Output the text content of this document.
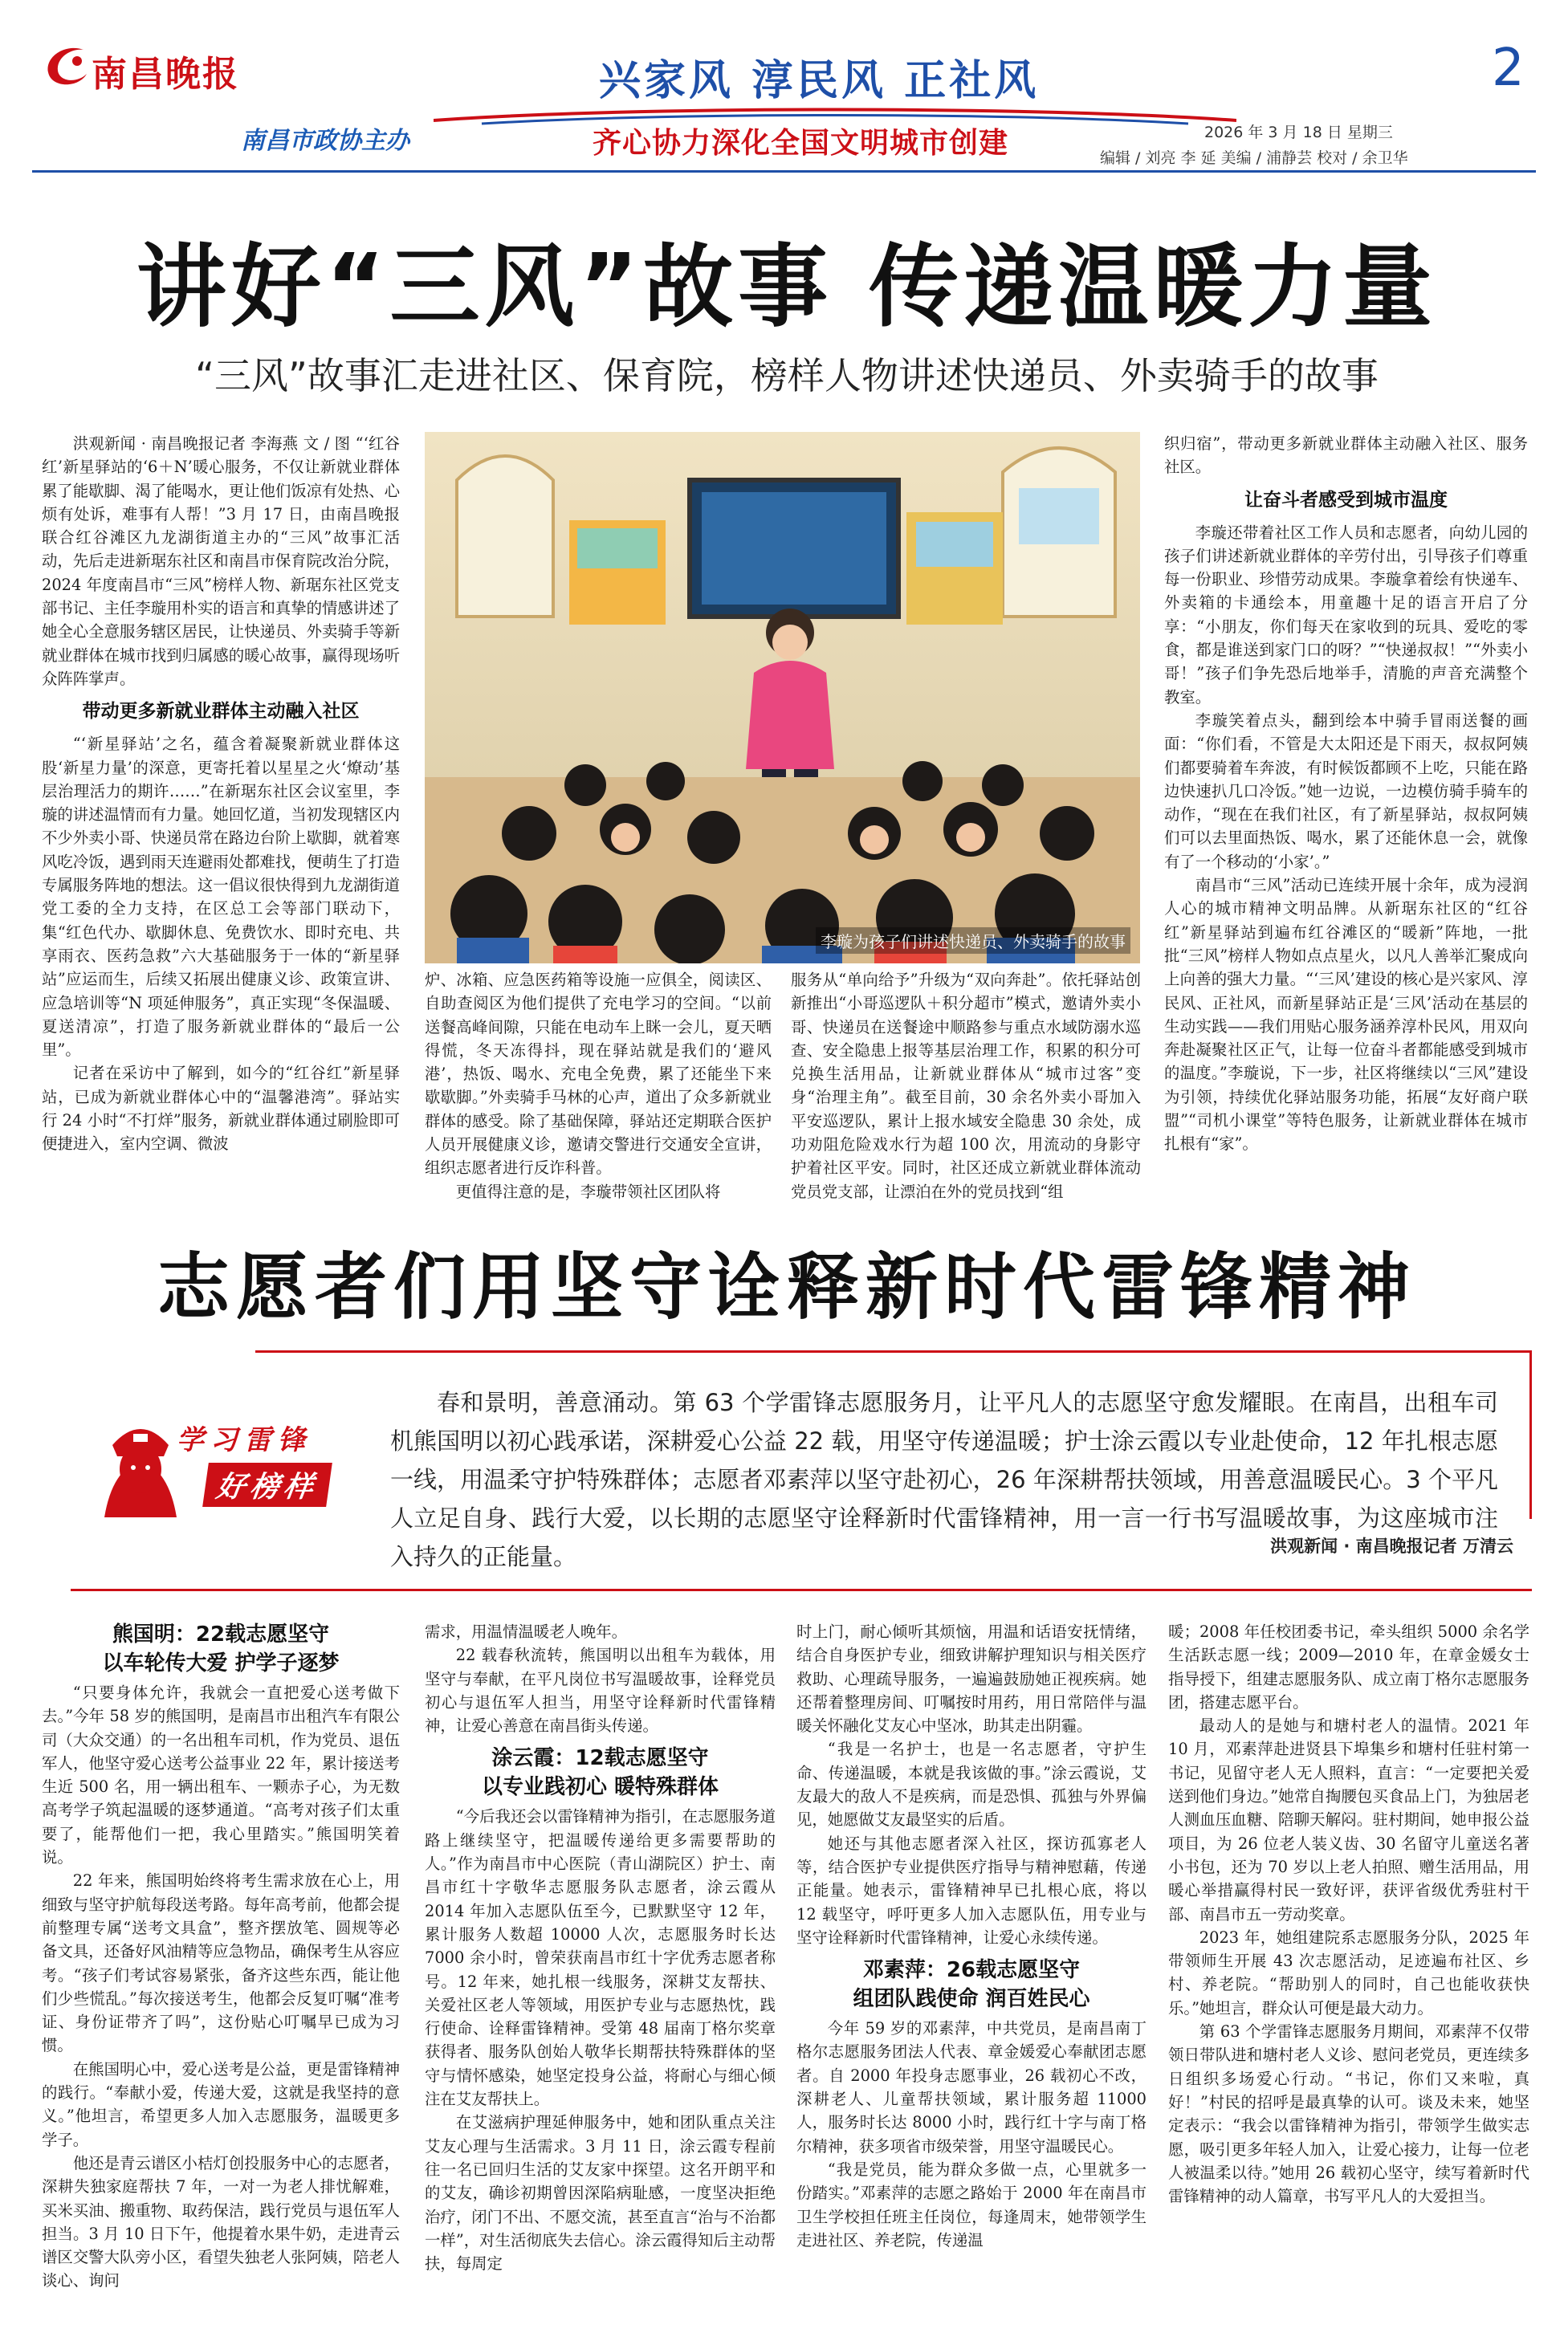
南昌晚报
南昌市政协主办
兴家风 淳民风 正社风
齐心协力深化全国文明城市创建
2
2026 年 3 月 18 日 星期三
编辑 / 刘亮 李 延 美编 / 浦静芸 校对 / 余卫华
讲好“三风”故事 传递温暖力量
“三风”故事汇走进社区、保育院，榜样人物讲述快递员、外卖骑手的故事

洪观新闻 · 南昌晚报记者 李海燕 文 / 图 “‘红谷红’新星驿站的‘6＋N’暖心服务，不仅让新就业群体累了能歇脚、渴了能喝水，更让他们饭凉有处热、心烦有处诉，难事有人帮！”3 月 17 日，由南昌晚报联合红谷滩区九龙湖街道主办的“三风”故事汇活动，先后走进新琚东社区和南昌市保育院改治分院，2024 年度南昌市“三风”榜样人物、新琚东社区党支部书记、主任李璇用朴实的语言和真挚的情感讲述了她全心全意服务辖区居民，让快递员、外卖骑手等新就业群体在城市找到归属感的暖心故事，赢得现场听众阵阵掌声。

带动更多新就业群体主动融入社区

“‘新星驿站’之名，蕴含着凝聚新就业群体这股‘新星力量’的深意，更寄托着以星星之火‘燎动’基层治理活力的期许……”在新琚东社区会议室里，李璇的讲述温情而有力量。她回忆道，当初发现辖区内不少外卖小哥、快递员常在路边台阶上歇脚，就着寒风吃冷饭，遇到雨天连避雨处都难找，便萌生了打造专属服务阵地的想法。这一倡议很快得到九龙湖街道党工委的全力支持，在区总工会等部门联动下，集“红色代办、歇脚休息、免费饮水、即时充电、共享雨衣、医药急救”六大基础服务于一体的“新星驿站”应运而生，后续又拓展出健康义诊、政策宣讲、应急培训等“N 项延伸服务”，真正实现“冬保温暖、夏送清凉”，打造了服务新就业群体的“最后一公里”。

记者在采访中了解到，如今的“红谷红”新星驿站，已成为新就业群体心中的“温馨港湾”。驿站实行 24 小时“不打烊”服务，新就业群体通过刷脸即可便捷进入，室内空调、微波

李璇为孩子们讲述快递员、外卖骑手的故事

炉、冰箱、应急医药箱等设施一应俱全，阅读区、自助查阅区为他们提供了充电学习的空间。“以前送餐高峰间隙，只能在电动车上眯一会儿，夏天晒得慌，冬天冻得抖，现在驿站就是我们的‘避风港’，热饭、喝水、充电全免费，累了还能坐下来歇歇脚。”外卖骑手马林的心声，道出了众多新就业群体的感受。除了基础保障，驿站还定期联合医护人员开展健康义诊，邀请交警进行交通安全宣讲，组织志愿者进行反诈科普。

更值得注意的是，李璇带领社区团队将

服务从“单向给予”升级为“双向奔赴”。依托驿站创新推出“小哥巡逻队＋积分超市”模式，邀请外卖小哥、快递员在送餐途中顺路参与重点水域防溺水巡查、安全隐患上报等基层治理工作，积累的积分可兑换生活用品，让新就业群体从“城市过客”变身“治理主角”。截至目前，30 余名外卖小哥加入平安巡逻队，累计上报水域安全隐患 30 余处，成功劝阻危险戏水行为超 100 次，用流动的身影守护着社区平安。同时，社区还成立新就业群体流动党员党支部，让漂泊在外的党员找到“组

织归宿”，带动更多新就业群体主动融入社区、服务社区。

让奋斗者感受到城市温度

李璇还带着社区工作人员和志愿者，向幼儿园的孩子们讲述新就业群体的辛劳付出，引导孩子们尊重每一份职业、珍惜劳动成果。李璇拿着绘有快递车、外卖箱的卡通绘本，用童趣十足的语言开启了分享：“小朋友，你们每天在家收到的玩具、爱吃的零食，都是谁送到家门口的呀？”“快递叔叔！”“外卖小哥！”孩子们争先恐后地举手，清脆的声音充满整个教室。

李璇笑着点头，翻到绘本中骑手冒雨送餐的画面：“你们看，不管是大太阳还是下雨天，叔叔阿姨们都要骑着车奔波，有时候饭都顾不上吃，只能在路边快速扒几口冷饭。”她一边说，一边模仿骑手骑车的动作，“现在在我们社区，有了新星驿站，叔叔阿姨们可以去里面热饭、喝水，累了还能休息一会，就像有了一个移动的‘小家’。”

南昌市“三风”活动已连续开展十余年，成为浸润人心的城市精神文明品牌。从新琚东社区的“红谷红”新星驿站到遍布红谷滩区的“暖新”阵地，一批批“三风”榜样人物如点点星火，以凡人善举汇聚成向上向善的强大力量。“‘三风’建设的核心是兴家风、淳民风、正社风，而新星驿站正是‘三风’活动在基层的生动实践——我们用贴心服务涵养淳朴民风，用双向奔赴凝聚社区正气，让每一位奋斗者都能感受到城市的温度。”李璇说，下一步，社区将继续以“三风”建设为引领，持续优化驿站服务功能，拓展“友好商户联盟”“司机小课堂”等特色服务，让新就业群体在城市扎根有“家”。

志愿者们用坚守诠释新时代雷锋精神
学习雷锋
好榜样
春和景明，善意涌动。第 63 个学雷锋志愿服务月，让平凡人的志愿坚守愈发耀眼。在南昌，出租车司机熊国明以初心践承诺，深耕爱心公益 22 载，用坚守传递温暖；护士涂云霞以专业赴使命，12 年扎根志愿一线，用温柔守护特殊群体；志愿者邓素萍以坚守赴初心，26 年深耕帮扶领域，用善意温暖民心。3 个平凡人立足自身、践行大爱，以长期的志愿坚守诠释新时代雷锋精神，用一言一行书写温暖故事，为这座城市注入持久的正能量。	洪观新闻 · 南昌晚报记者 万清云
熊国明：22载志愿坚守
以车轮传大爱 护学子逐梦

“只要身体允许，我就会一直把爱心送考做下去。”今年 58 岁的熊国明，是南昌市出租汽车有限公司（大众交通）的一名出租车司机，作为党员、退伍军人，他坚守爱心送考公益事业 22 年，累计接送考生近 500 名，用一辆出租车、一颗赤子心，为无数高考学子筑起温暖的逐梦通道。“高考对孩子们太重要了，能帮他们一把，我心里踏实。”熊国明笑着说。

22 年来，熊国明始终将考生需求放在心上，用细致与坚守护航每段送考路。每年高考前，他都会提前整理专属“送考文具盒”，整齐摆放笔、圆规等必备文具，还备好风油精等应急物品，确保考生从容应考。“孩子们考试容易紧张，备齐这些东西，能让他们少些慌乱。”每次接送考生，他都会反复叮嘱“准考证、身份证带齐了吗”，这份贴心叮嘱早已成为习惯。

在熊国明心中，爱心送考是公益，更是雷锋精神的践行。“奉献小爱，传递大爱，这就是我坚持的意义。”他坦言，希望更多人加入志愿服务，温暖更多学子。

他还是青云谱区小桔灯创投服务中心的志愿者，深耕失独家庭帮扶 7 年，一对一为老人排忧解难，买米买油、搬重物、取药保洁，践行党员与退伍军人担当。3 月 10 日下午，他提着水果牛奶，走进青云谱区交警大队旁小区，看望失独老人张阿姨，陪老人谈心、询问

需求，用温情温暖老人晚年。

22 载春秋流转，熊国明以出租车为载体，用坚守与奉献，在平凡岗位书写温暖故事，诠释党员初心与退伍军人担当，用坚守诠释新时代雷锋精神，让爱心善意在南昌街头传递。

涂云霞：12载志愿坚守
以专业践初心 暖特殊群体

“今后我还会以雷锋精神为指引，在志愿服务道路上继续坚守，把温暖传递给更多需要帮助的人。”作为南昌市中心医院（青山湖院区）护士、南昌市红十字敬华志愿服务队志愿者，涂云霞从 2014 年加入志愿队伍至今，已默默坚守 12 年，累计服务人数超 10000 人次，志愿服务时长达 7000 余小时，曾荣获南昌市红十字优秀志愿者称号。12 年来，她扎根一线服务，深耕艾友帮扶、关爱社区老人等领域，用医护专业与志愿热忱，践行使命、诠释雷锋精神。受第 48 届南丁格尔奖章获得者、服务队创始人敬华长期帮扶特殊群体的坚守与情怀感染，她坚定投身公益，将耐心与细心倾注在艾友帮扶上。

在艾滋病护理延伸服务中，她和团队重点关注艾友心理与生活需求。3 月 11 日，涂云霞专程前往一名已回归生活的艾友家中探望。这名开朗平和的艾友，确诊初期曾因深陷病耻感，一度坚决拒绝治疗，闭门不出、不愿交流，甚至直言“治与不治都一样”，对生活彻底失去信心。涂云霞得知后主动帮扶，每周定

时上门，耐心倾听其烦恼，用温和话语安抚情绪，结合自身医护专业，细致讲解护理知识与相关医疗救助、心理疏导服务，一遍遍鼓励她正视疾病。她还帮着整理房间、叮嘱按时用药，用日常陪伴与温暖关怀融化艾友心中坚冰，助其走出阴霾。

“我是一名护士，也是一名志愿者，守护生命、传递温暖，本就是我该做的事。”涂云霞说，艾友最大的敌人不是疾病，而是恐惧、孤独与外界偏见，她愿做艾友最坚实的后盾。

她还与其他志愿者深入社区，探访孤寡老人等，结合医护专业提供医疗指导与精神慰藉，传递正能量。她表示，雷锋精神早已扎根心底，将以 12 载坚守，呼吁更多人加入志愿队伍，用专业与坚守诠释新时代雷锋精神，让爱心永续传递。

邓素萍：26载志愿坚守
组团队践使命 润百姓民心

今年 59 岁的邓素萍，中共党员，是南昌南丁格尔志愿服务团法人代表、章金媛爱心奉献团志愿者。自 2000 年投身志愿事业，26 载初心不改，深耕老人、儿童帮扶领域，累计服务超 11000 人，服务时长达 8000 小时，践行红十字与南丁格尔精神，获多项省市级荣誉，用坚守温暖民心。

“我是党员，能为群众多做一点，心里就多一份踏实。”邓素萍的志愿之路始于 2000 年在南昌市卫生学校担任班主任岗位，每逢周末，她带领学生走进社区、养老院，传递温

暖；2008 年任校团委书记，牵头组织 5000 余名学生活跃志愿一线；2009—2010 年，在章金媛女士指导授下，组建志愿服务队、成立南丁格尔志愿服务团，搭建志愿平台。

最动人的是她与和塘村老人的温情。2021 年 10 月，邓素萍赴进贤县下埠集乡和塘村任驻村第一书记，见留守老人无人照料，直言：“一定要把关爱送到他们身边。”她常自掏腰包买食品上门，为独居老人测血压血糖、陪聊天解闷。驻村期间，她申报公益项目，为 26 位老人装义齿、30 名留守儿童送名著小书包，还为 70 岁以上老人拍照、赠生活用品，用暖心举措赢得村民一致好评，获评省级优秀驻村干部、南昌市五一劳动奖章。

2023 年，她组建院系志愿服务分队，2025 年带领师生开展 43 次志愿活动，足迹遍布社区、乡村、养老院。“帮助别人的同时，自己也能收获快乐。”她坦言，群众认可便是最大动力。

第 63 个学雷锋志愿服务月期间，邓素萍不仅带领日带队进和塘村老人义诊、慰问老党员，更连续多日组织多场爱心行动。“书记，你们又来啦，真好！”村民的招呼是最真挚的认可。谈及未来，她坚定表示：“我会以雷锋精神为指引，带领学生做实志愿，吸引更多年轻人加入，让爱心接力，让每一位老人被温柔以待。”她用 26 载初心坚守，续写着新时代雷锋精神的动人篇章，书写平凡人的大爱担当。
